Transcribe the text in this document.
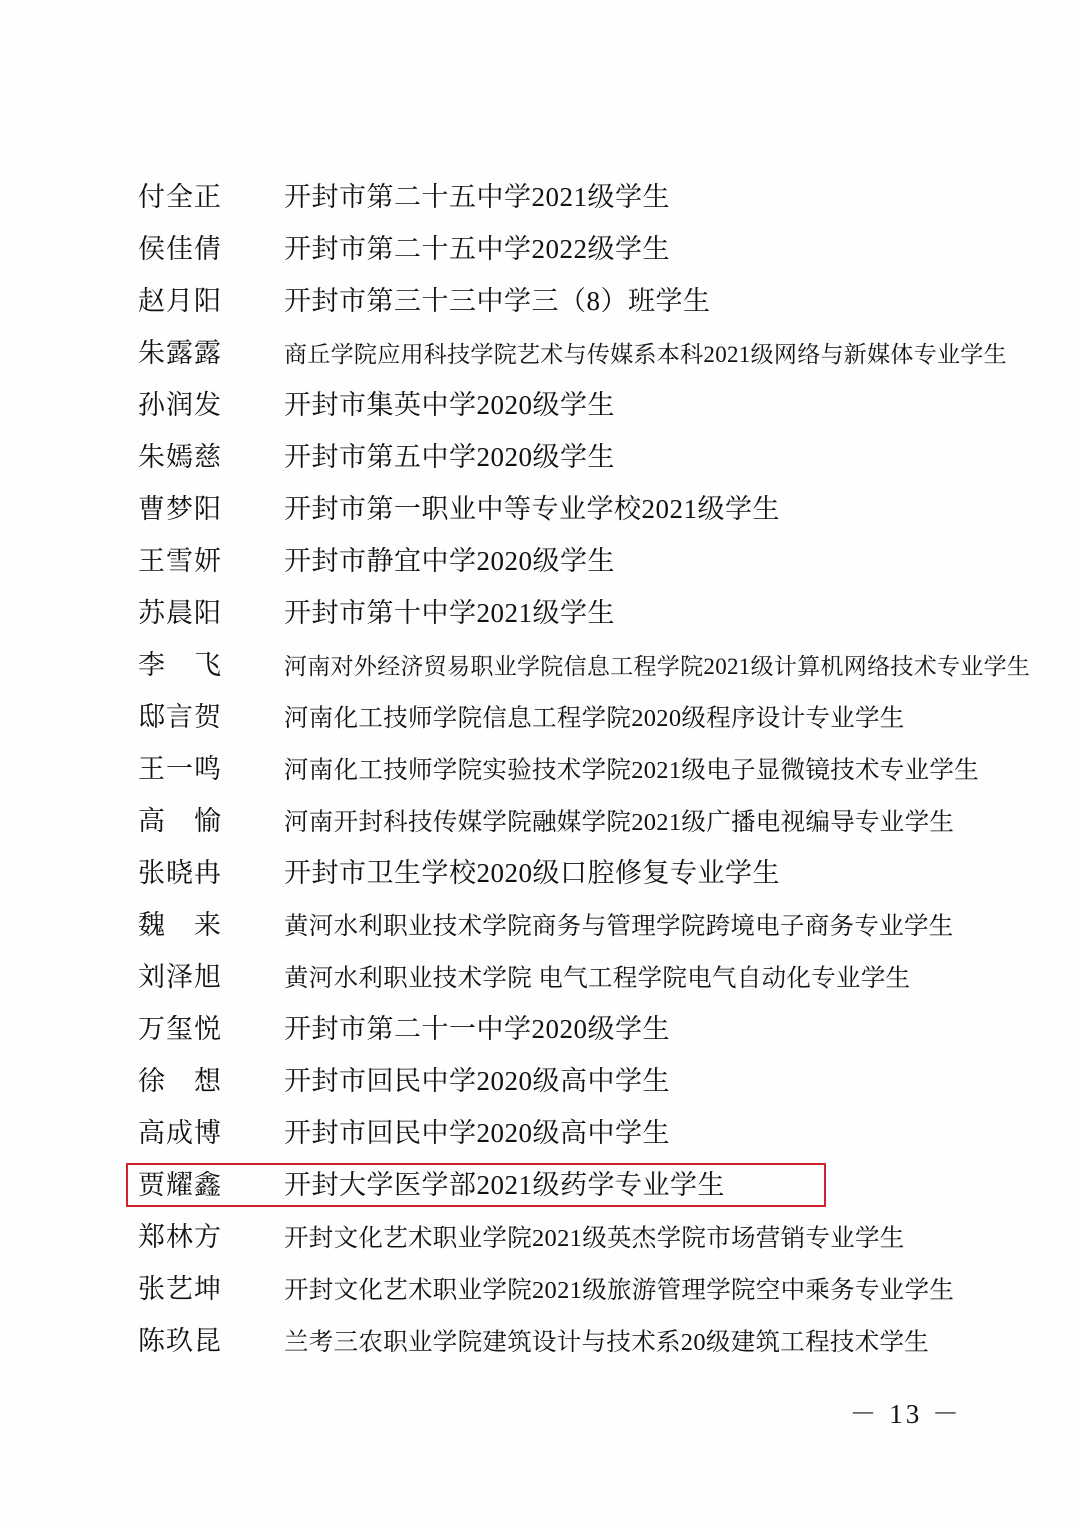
付全正	开封市第二十五中学2021级学生
侯佳倩	开封市第二十五中学2022级学生
赵月阳	开封市第三十三中学三（8）班学生
朱露露	商丘学院应用科技学院艺术与传媒系本科2021级网络与新媒体专业学生
孙润发	开封市集英中学2020级学生
朱嫣慈	开封市第五中学2020级学生
曹梦阳	开封市第一职业中等专业学校2021级学生
王雪妍	开封市静宜中学2020级学生
苏晨阳	开封市第十中学2021级学生
李　飞	河南对外经济贸易职业学院信息工程学院2021级计算机网络技术专业学生
邸言贺	河南化工技师学院信息工程学院2020级程序设计专业学生
王一鸣	河南化工技师学院实验技术学院2021级电子显微镜技术专业学生
高　愉	河南开封科技传媒学院融媒学院2021级广播电视编导专业学生
张晓冉	开封市卫生学校2020级口腔修复专业学生
魏　来	黄河水利职业技术学院商务与管理学院跨境电子商务专业学生
刘泽旭	黄河水利职业技术学院 电气工程学院电气自动化专业学生
万玺悦	开封市第二十一中学2020级学生
徐　想	开封市回民中学2020级高中学生
高成博	开封市回民中学2020级高中学生
贾耀鑫	开封大学医学部2021级药学专业学生
郑林方	开封文化艺术职业学院2021级英杰学院市场营销专业学生
张艺坤	开封文化艺术职业学院2021级旅游管理学院空中乘务专业学生
陈玖昆	兰考三农职业学院建筑设计与技术系20级建筑工程技术学生
－ 13 －
